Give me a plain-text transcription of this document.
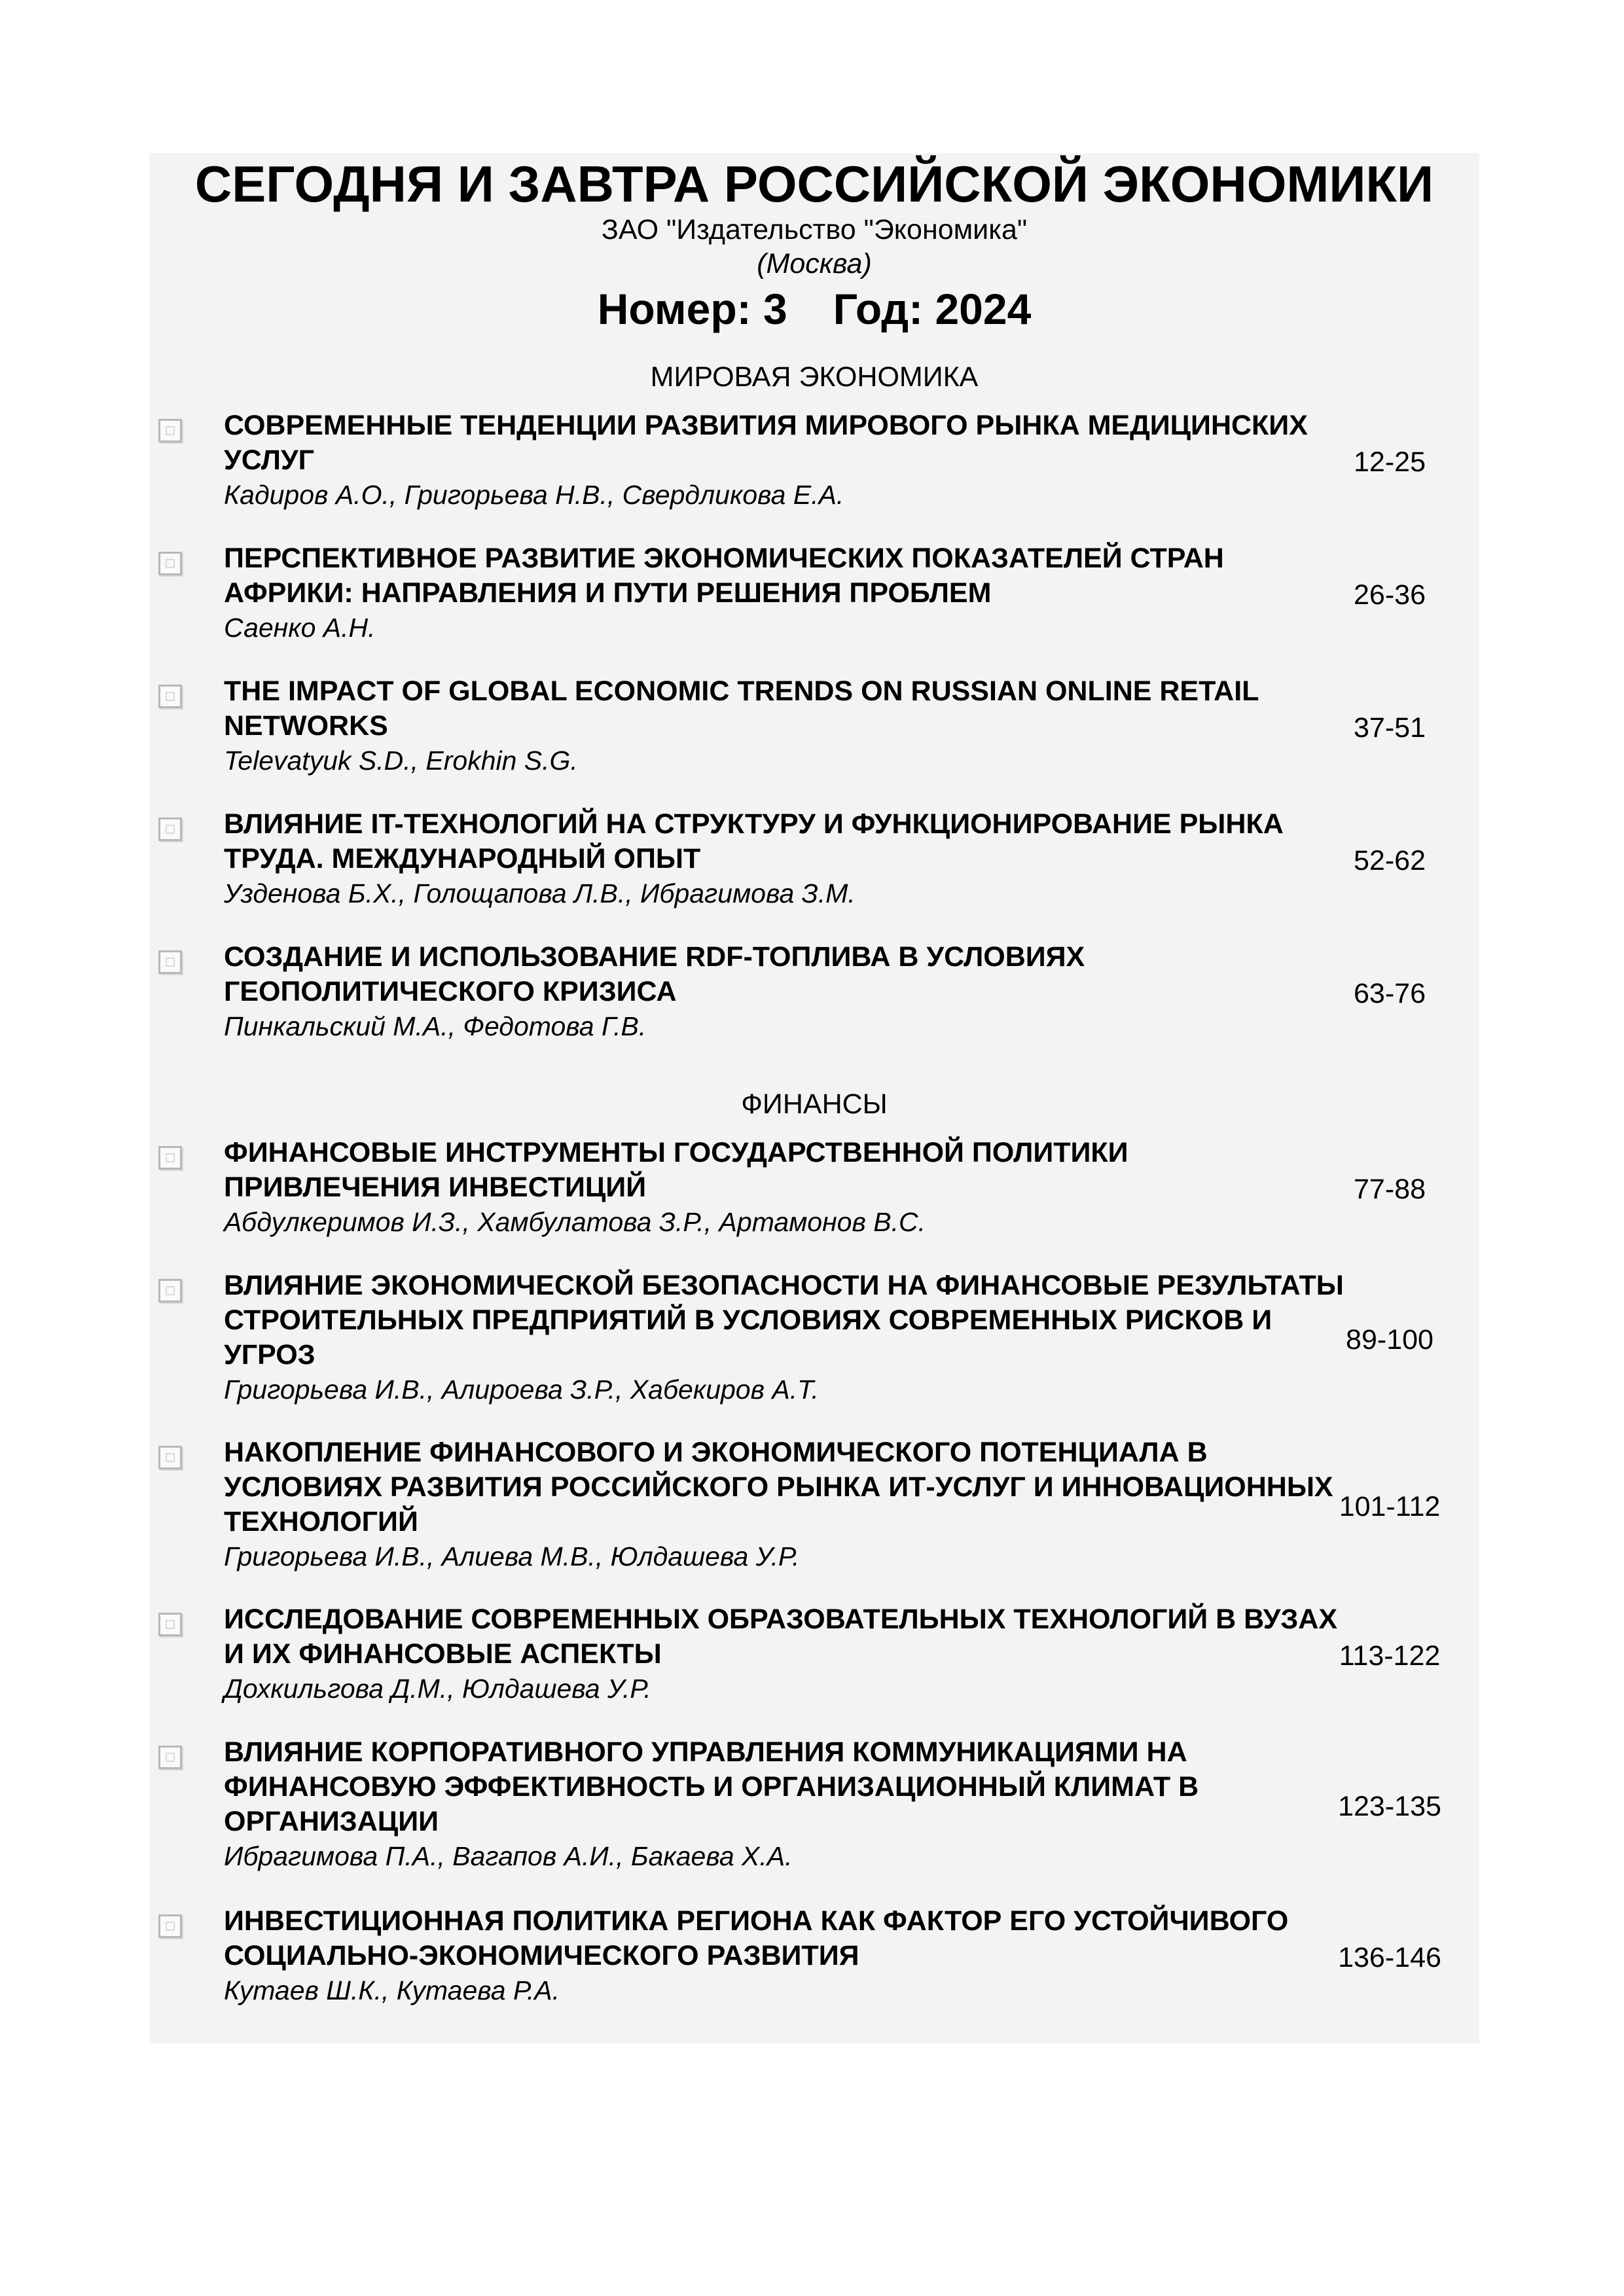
СЕГОДНЯ И ЗАВТРА РОССИЙСКОЙ ЭКОНОМИКИ
ЗАО "Издательство "Экономика"
(Москва)
Номер: 3 Год: 2024
МИРОВАЯ ЭКОНОМИКА
СОВРЕМЕННЫЕ ТЕНДЕНЦИИ РАЗВИТИЯ МИРОВОГО РЫНКА МЕДИЦИНСКИХ УСЛУГ
Кадиров А.О., Григорьева Н.В., Свердликова Е.А.
12-25
ПЕРСПЕКТИВНОЕ РАЗВИТИЕ ЭКОНОМИЧЕСКИХ ПОКАЗАТЕЛЕЙ СТРАН АФРИКИ: НАПРАВЛЕНИЯ И ПУТИ РЕШЕНИЯ ПРОБЛЕМ
Саенко А.Н.
26-36
THE IMPACT OF GLOBAL ECONOMIC TRENDS ON RUSSIAN ONLINE RETAIL NETWORKS
Televatyuk S.D., Erokhin S.G.
37-51
ВЛИЯНИЕ IT-ТЕХНОЛОГИЙ НА СТРУКТУРУ И ФУНКЦИОНИРОВАНИЕ РЫНКА ТРУДА. МЕЖДУНАРОДНЫЙ ОПЫТ
Узденова Б.Х., Голощапова Л.В., Ибрагимова З.М.
52-62
СОЗДАНИЕ И ИСПОЛЬЗОВАНИЕ RDF-ТОПЛИВА В УСЛОВИЯХ ГЕОПОЛИТИЧЕСКОГО КРИЗИСА
Пинкальский М.А., Федотова Г.В.
63-76
ФИНАНСЫ
ФИНАНСОВЫЕ ИНСТРУМЕНТЫ ГОСУДАРСТВЕННОЙ ПОЛИТИКИ ПРИВЛЕЧЕНИЯ ИНВЕСТИЦИЙ
Абдулкеримов И.З., Хамбулатова З.Р., Артамонов В.С.
77-88
ВЛИЯНИЕ ЭКОНОМИЧЕСКОЙ БЕЗОПАСНОСТИ НА ФИНАНСОВЫЕ РЕЗУЛЬТАТЫ СТРОИТЕЛЬНЫХ ПРЕДПРИЯТИЙ В УСЛОВИЯХ СОВРЕМЕННЫХ РИСКОВ И УГРОЗ
Григорьева И.В., Алироева З.Р., Хабекиров А.Т.
89-100
НАКОПЛЕНИЕ ФИНАНСОВОГО И ЭКОНОМИЧЕСКОГО ПОТЕНЦИАЛА В УСЛОВИЯХ РАЗВИТИЯ РОССИЙСКОГО РЫНКА ИТ-УСЛУГ И ИННОВАЦИОННЫХ ТЕХНОЛОГИЙ
Григорьева И.В., Алиева М.В., Юлдашева У.Р.
101-112
ИССЛЕДОВАНИЕ СОВРЕМЕННЫХ ОБРАЗОВАТЕЛЬНЫХ ТЕХНОЛОГИЙ В ВУЗАХ И ИХ ФИНАНСОВЫЕ АСПЕКТЫ
Дохкильгова Д.М., Юлдашева У.Р.
113-122
ВЛИЯНИЕ КОРПОРАТИВНОГО УПРАВЛЕНИЯ КОММУНИКАЦИЯМИ НА ФИНАНСОВУЮ ЭФФЕКТИВНОСТЬ И ОРГАНИЗАЦИОННЫЙ КЛИМАТ В ОРГАНИЗАЦИИ
Ибрагимова П.А., Вагапов А.И., Бакаева Х.А.
123-135
ИНВЕСТИЦИОННАЯ ПОЛИТИКА РЕГИОНА КАК ФАКТОР ЕГО УСТОЙЧИВОГО СОЦИАЛЬНО-ЭКОНОМИЧЕСКОГО РАЗВИТИЯ
Кутаев Ш.К., Кутаева Р.А.
136-146
